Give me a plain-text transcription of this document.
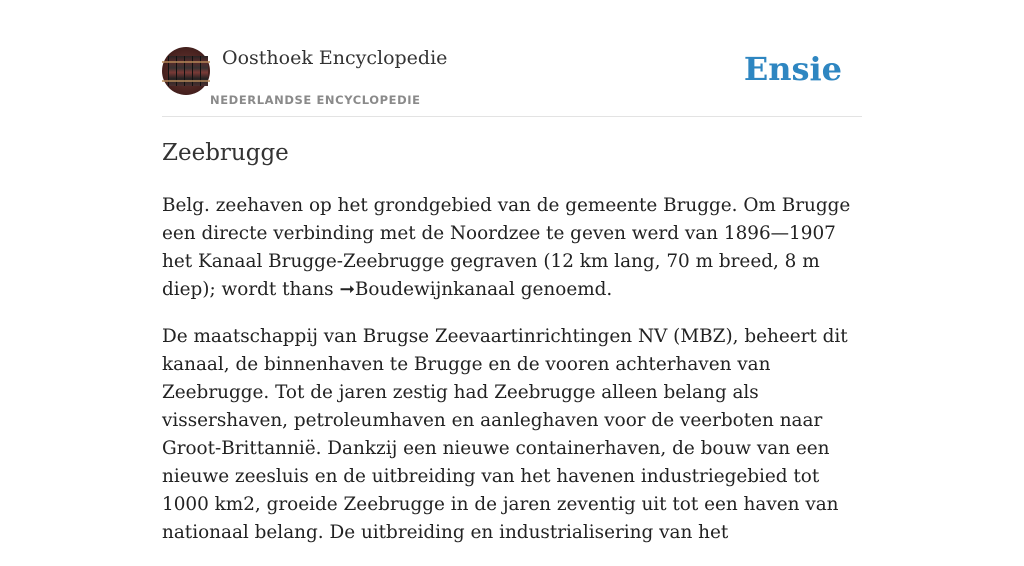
Oosthoek Encyclopedie
NEDERLANDSE ENCYCLOPEDIE
Ensie
Zeebrugge

Belg. zeehaven op het grondgebied van de gemeente Brugge. Om Brugge een directe verbinding met de Noordzee te geven werd van 1896—1907 het Kanaal Brugge-Zeebrugge gegraven (12 km lang, 70 m breed, 8 m diep); wordt thans ➞Boudewijnkanaal genoemd.

De maatschappij van Brugse Zeevaartinrichtingen NV (MBZ), beheert dit kanaal, de binnenhaven te Brugge en de vooren achterhaven van Zeebrugge. Tot de jaren zestig had Zeebrugge alleen belang als vissershaven, petroleumhaven en aanleghaven voor de veerboten naar Groot-Brittannië. Dankzij een nieuwe containerhaven, de bouw van een nieuwe zeesluis en de uitbreiding van het havenen industriegebied tot 1000 km2, groeide Zeebrugge in de jaren zeventig uit tot een haven van nationaal belang. De uitbreiding en industrialisering van het
